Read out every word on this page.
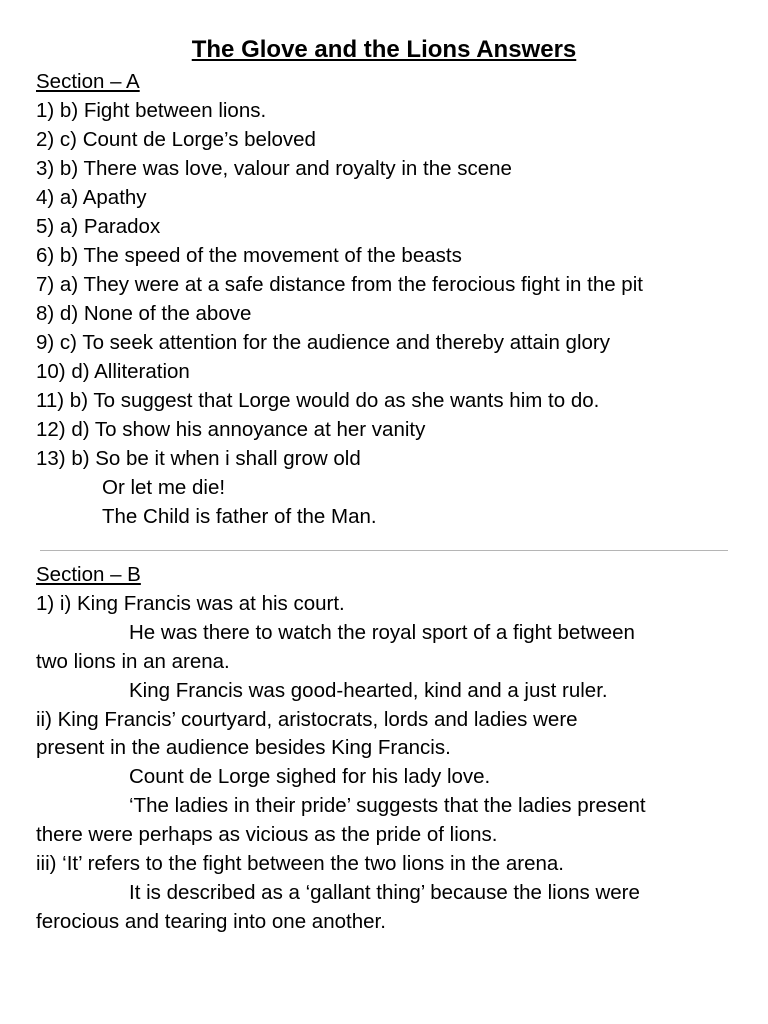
The Glove and the Lions Answers
Section – A
1) b) Fight between lions.
2) c) Count de Lorge’s beloved
3) b) There was love, valour and royalty in the scene
4) a) Apathy
5) a) Paradox
6) b) The speed of the movement of the beasts
7) a) They were at a safe distance from the ferocious fight in the pit
8) d) None of the above
9) c) To seek attention for the audience and thereby attain glory
10) d) Alliteration
11) b) To suggest that Lorge would do as she wants him to do.
12) d) To show his annoyance at her vanity
13) b) So be it when i shall grow old
Or let me die!
The Child is father of the Man.
Section – B
1) i) King Francis was at his court.
He was there to watch the royal sport of a fight between
two lions in an arena.
King Francis was good-hearted, kind and a just ruler.
ii) King Francis’ courtyard, aristocrats, lords and ladies were
present in the audience besides King Francis.
Count de Lorge sighed for his lady love.
‘The ladies in their pride’ suggests that the ladies present
there were perhaps as vicious as the pride of lions.
iii) ‘It’ refers to the fight between the two lions in the arena.
It is described as a ‘gallant thing’ because the lions were
ferocious and tearing into one another.
